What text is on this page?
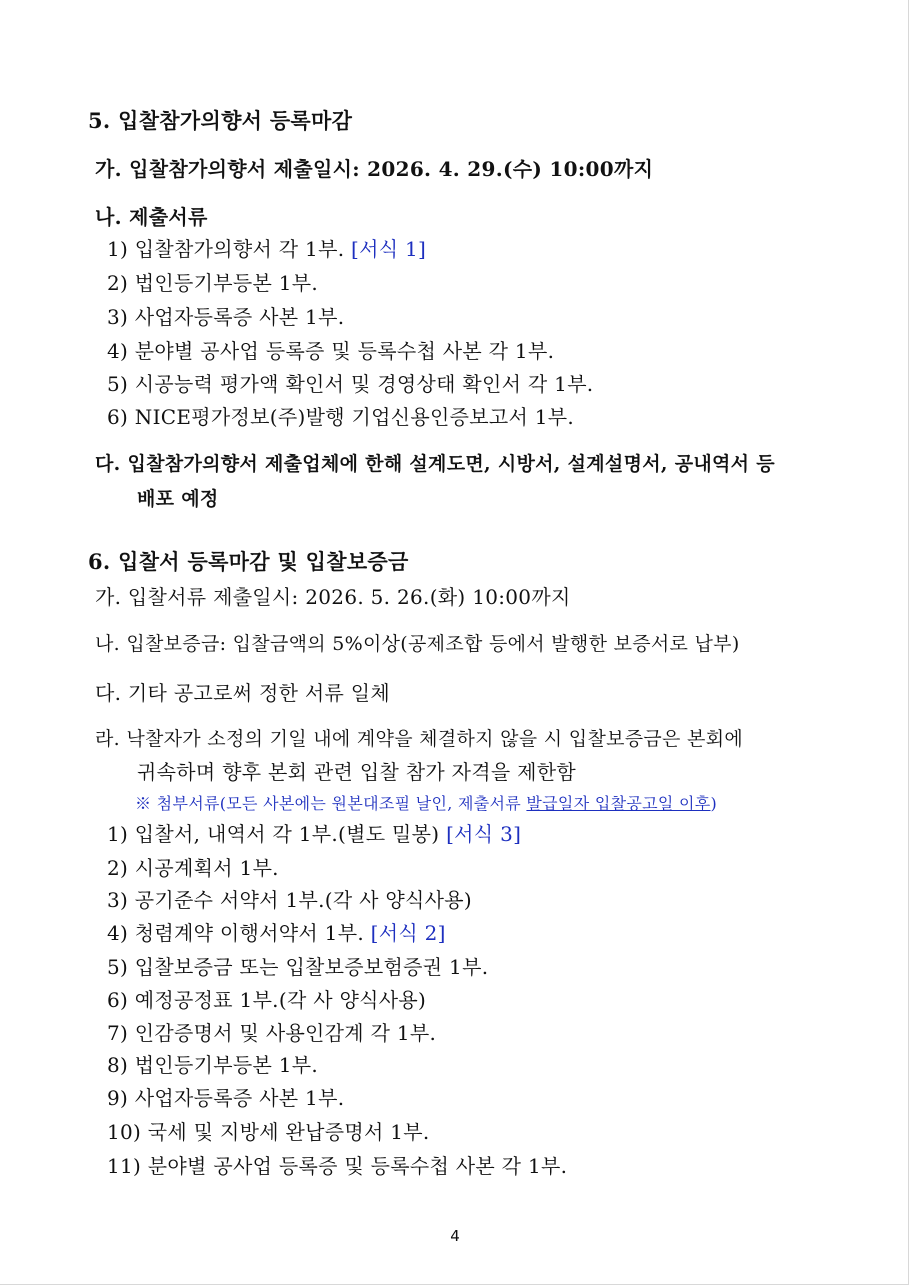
5. 입찰참가의향서 등록마감
가. 입찰참가의향서 제출일시: 2026. 4. 29.(수) 10:00까지
나. 제출서류
1) 입찰참가의향서 각 1부. [서식 1]
2) 법인등기부등본 1부.
3) 사업자등록증 사본 1부.
4) 분야별 공사업 등록증 및 등록수첩 사본 각 1부.
5) 시공능력 평가액 확인서 및 경영상태 확인서 각 1부.
6) NICE평가정보(주)발행 기업신용인증보고서 1부.
다. 입찰참가의향서 제출업체에 한해 설계도면, 시방서, 설계설명서, 공내역서 등
배포 예정
6. 입찰서 등록마감 및 입찰보증금
가. 입찰서류 제출일시: 2026. 5. 26.(화) 10:00까지
나. 입찰보증금: 입찰금액의 5%이상(공제조합 등에서 발행한 보증서로 납부)
다. 기타 공고로써 정한 서류 일체
라. 낙찰자가 소정의 기일 내에 계약을 체결하지 않을 시 입찰보증금은 본회에
귀속하며 향후 본회 관련 입찰 참가 자격을 제한함
※ 첨부서류(모든 사본에는 원본대조필 날인, 제출서류 발급일자 입찰공고일 이후)
1) 입찰서, 내역서 각 1부.(별도 밀봉) [서식 3]
2) 시공계획서 1부.
3) 공기준수 서약서 1부.(각 사 양식사용)
4) 청렴계약 이행서약서 1부. [서식 2]
5) 입찰보증금 또는 입찰보증보험증권 1부.
6) 예정공정표 1부.(각 사 양식사용)
7) 인감증명서 및 사용인감계 각 1부.
8) 법인등기부등본 1부.
9) 사업자등록증 사본 1부.
10) 국세 및 지방세 완납증명서 1부.
11) 분야별 공사업 등록증 및 등록수첩 사본 각 1부.
4
